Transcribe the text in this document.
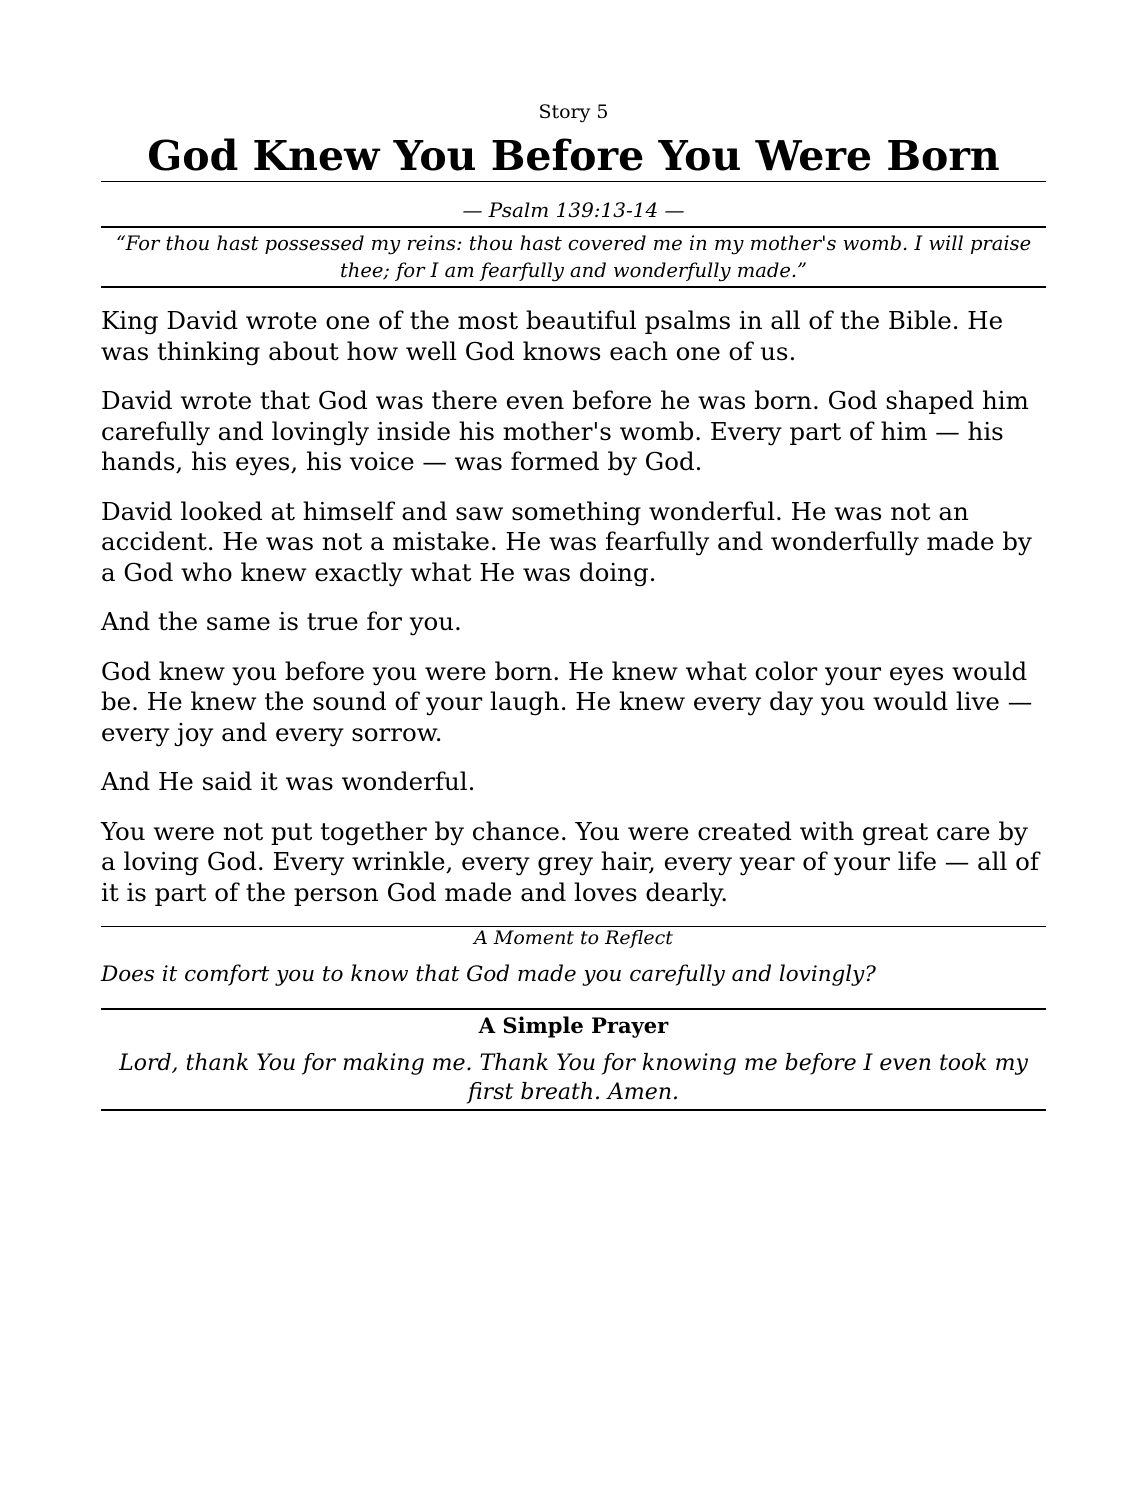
Story 5
God Knew You Before You Were Born
— Psalm 139:13-14 —
“For thou hast possessed my reins: thou hast covered me in my mother's womb. I will praise thee; for I am fearfully and wonderfully made.”

King David wrote one of the most beautiful psalms in all of the Bible. He was thinking about how well God knows each one of us.

David wrote that God was there even before he was born. God shaped him carefully and lovingly inside his mother's womb. Every part of him — his hands, his eyes, his voice — was formed by God.

David looked at himself and saw something wonderful. He was not an accident. He was not a mistake. He was fearfully and wonderfully made by a God who knew exactly what He was doing.

And the same is true for you.

God knew you before you were born. He knew what color your eyes would be. He knew the sound of your laugh. He knew every day you would live — every joy and every sorrow.

And He said it was wonderful.

You were not put together by chance. You were created with great care by a loving God. Every wrinkle, every grey hair, every year of your life — all of it is part of the person God made and loves dearly.

A Moment to Reflect
Does it comfort you to know that God made you carefully and lovingly?
A Simple Prayer
Lord, thank You for making me. Thank You for knowing me before I even took my first breath. Amen.
